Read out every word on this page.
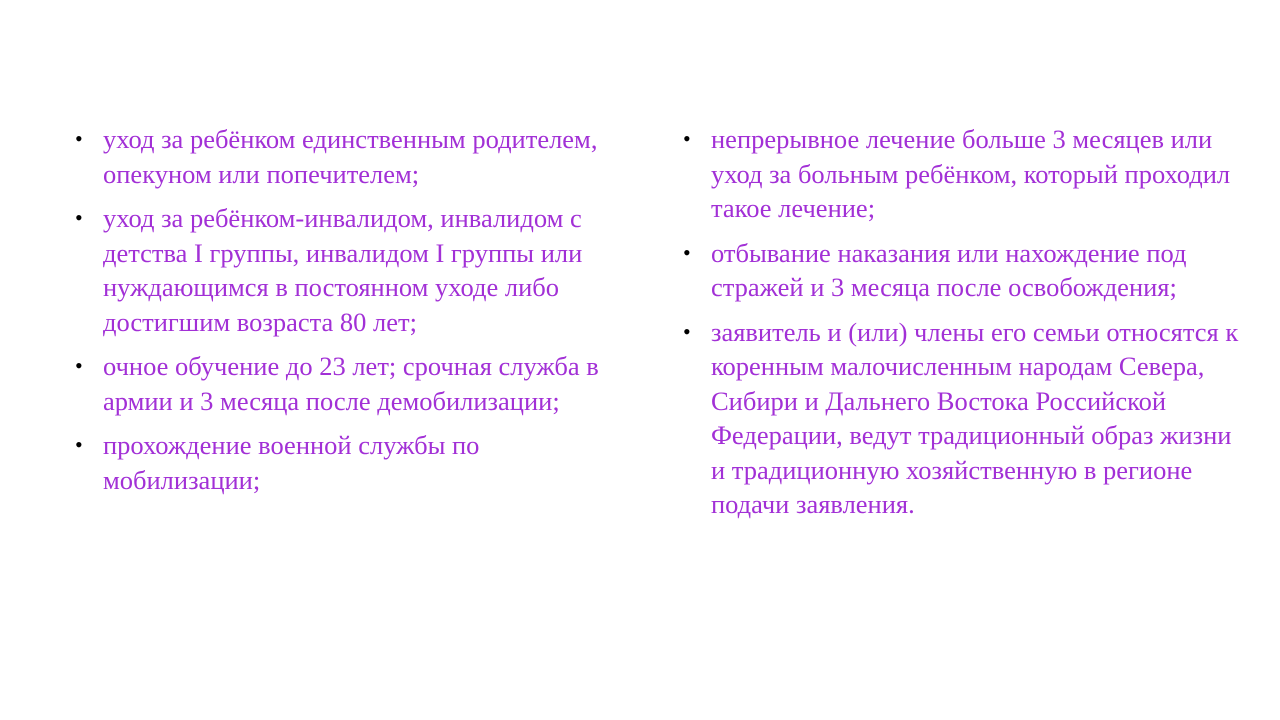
• уход за ребёнком единственным родителем, опекуном или попечителем;
• уход за ребёнком-инвалидом, инвалидом с детства I группы, инвалидом I группы или нуждающимся в постоянном уходе либо достигшим возраста 80 лет;
• очное обучение до 23 лет; срочная служба в армии и 3 месяца после демобилизации;
• прохождение военной службы по мобилизации;
• непрерывное лечение больше 3 месяцев или уход за больным ребёнком, который проходил такое лечение;
• отбывание наказания или нахождение под стражей и 3 месяца после освобождения;
• заявитель и (или) члены его семьи относятся к коренным малочисленным народам Севера, Сибири и Дальнего Востока Российской Федерации, ведут традиционный образ жизни и традиционную хозяйственную в регионе подачи заявления.
